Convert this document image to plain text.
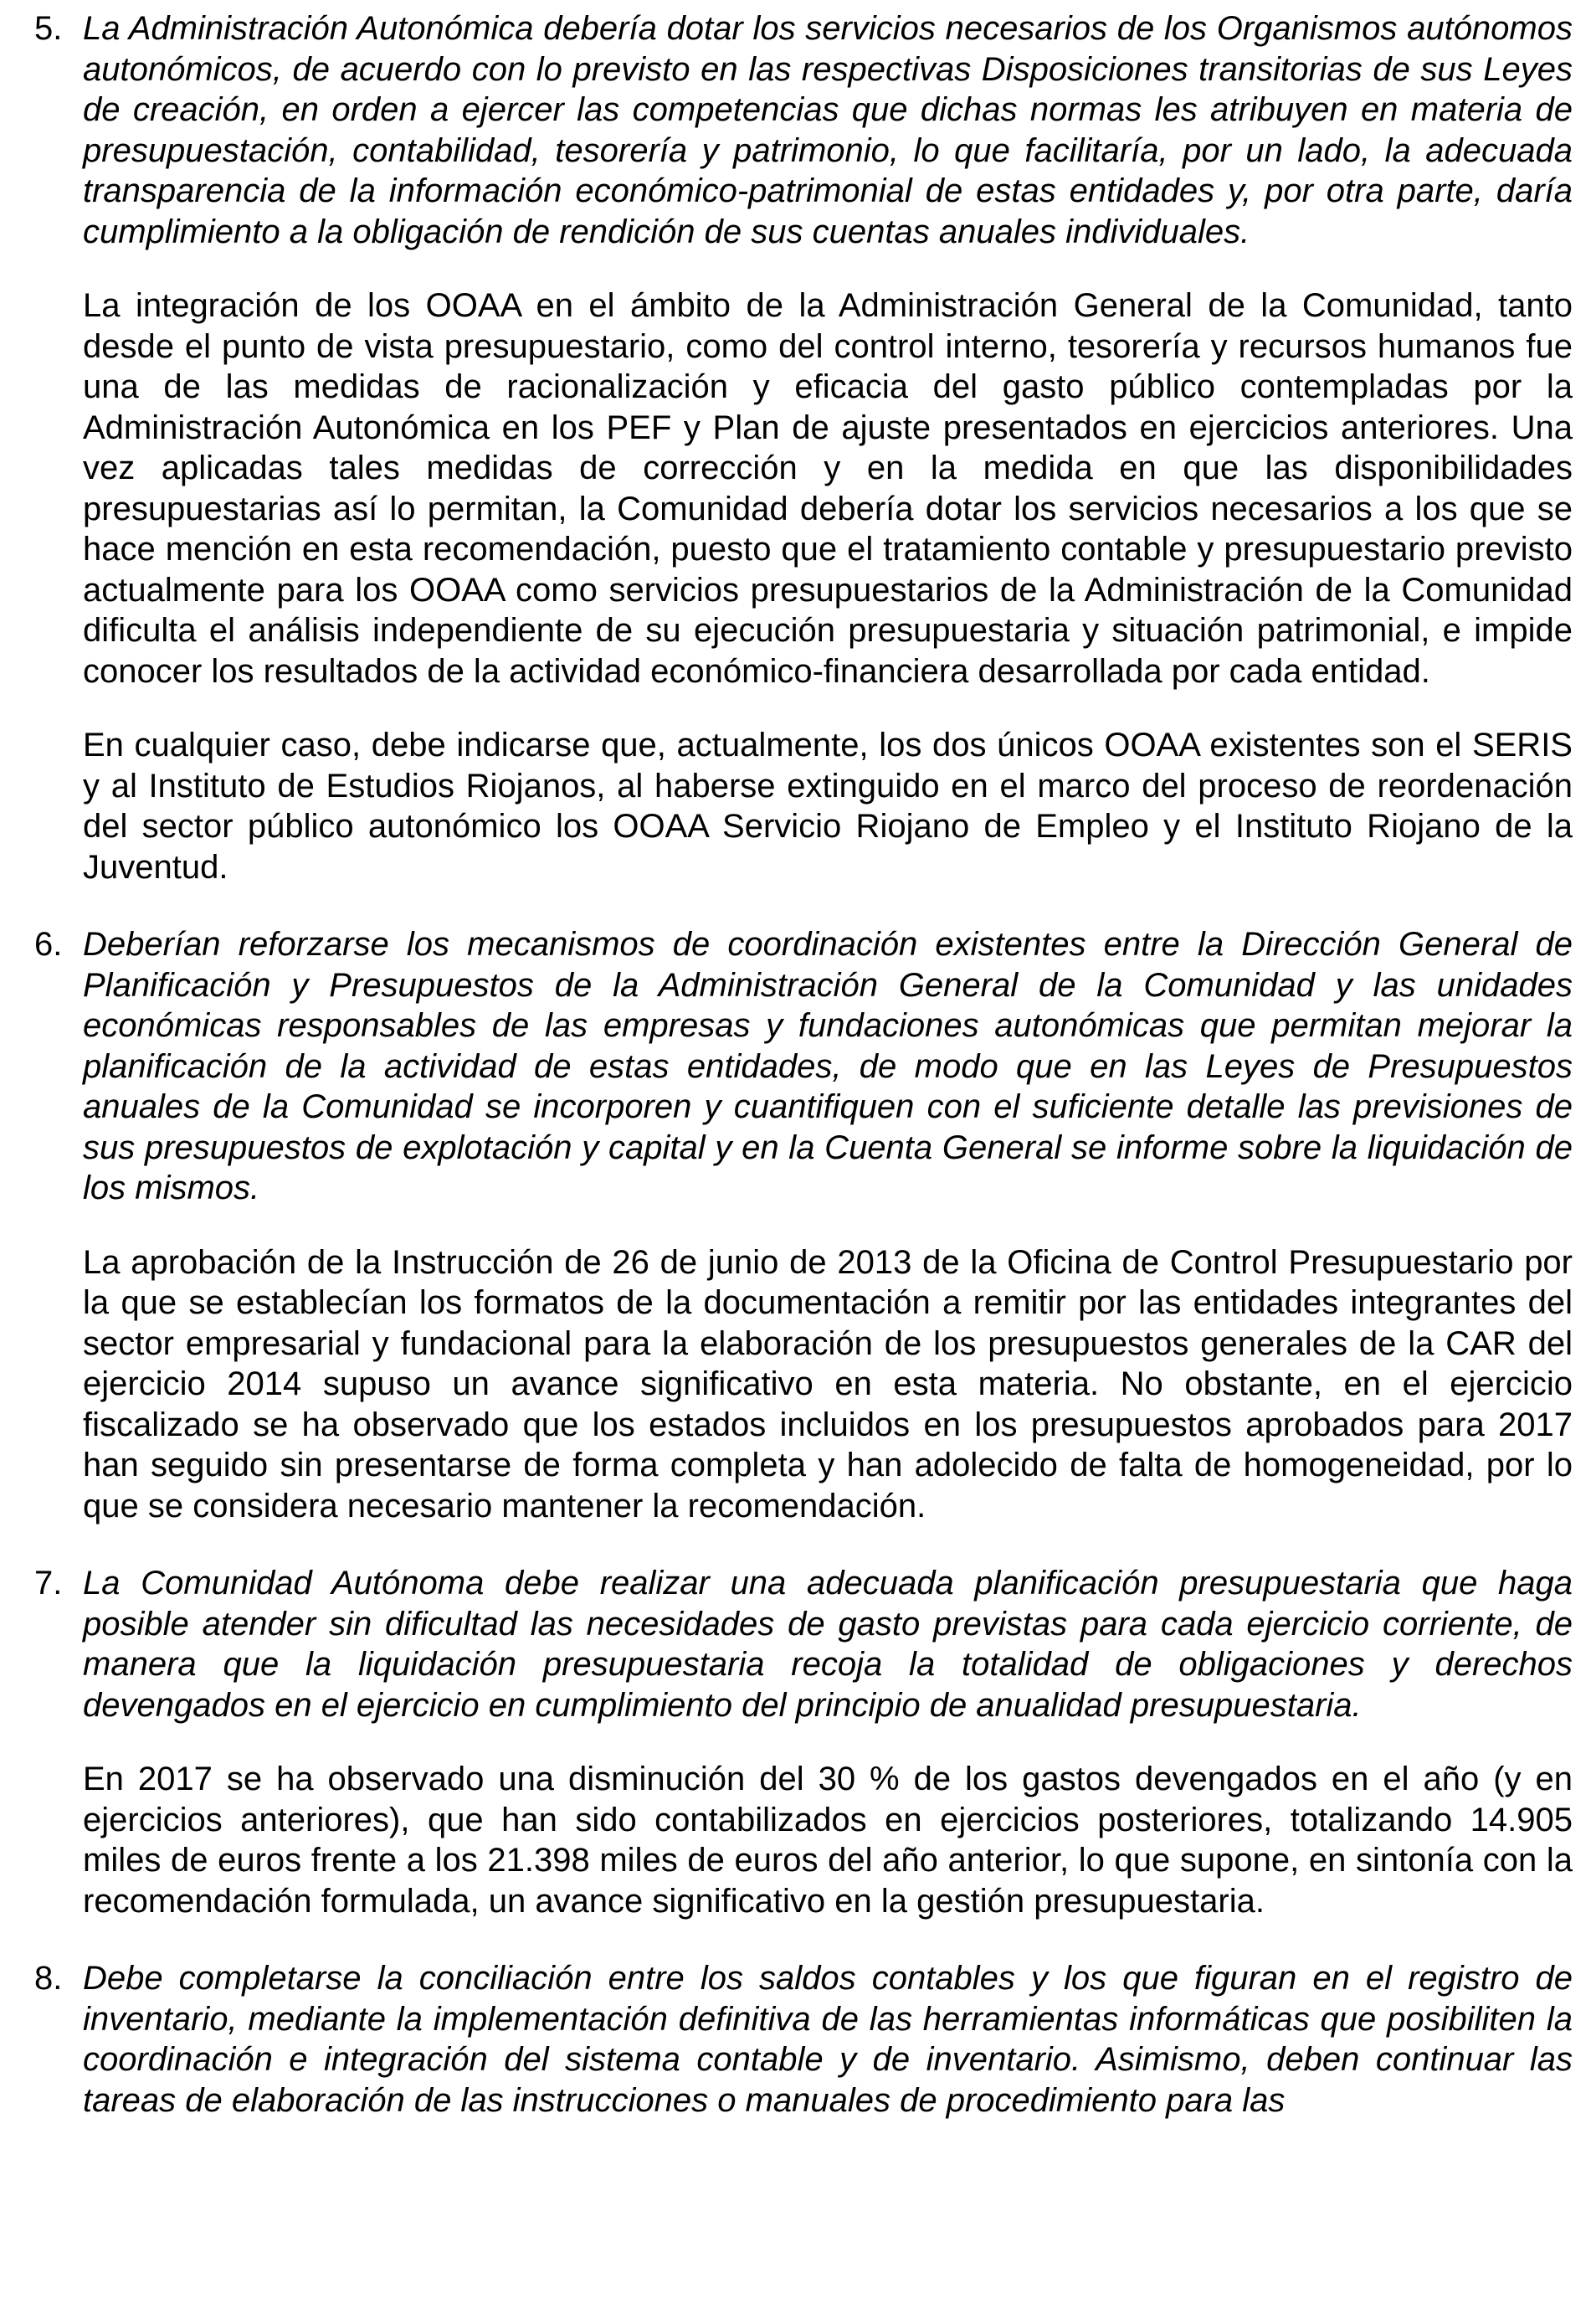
5. La Administración Autonómica debería dotar los servicios necesarios de los Organismos autónomos autonómicos, de acuerdo con lo previsto en las respectivas Disposiciones transitorias de sus Leyes de creación, en orden a ejercer las competencias que dichas normas les atribuyen en materia de presupuestación, contabilidad, tesorería y patrimonio, lo que facilitaría, por un lado, la adecuada transparencia de la información económico-patrimonial de estas entidades y, por otra parte, daría cumplimiento a la obligación de rendición de sus cuentas anuales individuales.

La integración de los OOAA en el ámbito de la Administración General de la Comunidad, tanto desde el punto de vista presupuestario, como del control interno, tesorería y recursos humanos fue una de las medidas de racionalización y eficacia del gasto público contempladas por la Administración Autonómica en los PEF y Plan de ajuste presentados en ejercicios anteriores. Una vez aplicadas tales medidas de corrección y en la medida en que las disponibilidades presupuestarias así lo permitan, la Comunidad debería dotar los servicios necesarios a los que se hace mención en esta recomendación, puesto que el tratamiento contable y presupuestario previsto actualmente para los OOAA como servicios presupuestarios de la Administración de la Comunidad dificulta el análisis independiente de su ejecución presupuestaria y situación patrimonial, e impide conocer los resultados de la actividad económico-financiera desarrollada por cada entidad.

En cualquier caso, debe indicarse que, actualmente, los dos únicos OOAA existentes son el SERIS y al Instituto de Estudios Riojanos, al haberse extinguido en el marco del proceso de reordenación del sector público autonómico los OOAA Servicio Riojano de Empleo y el Instituto Riojano de la Juventud.

6. Deberían reforzarse los mecanismos de coordinación existentes entre la Dirección General de Planificación y Presupuestos de la Administración General de la Comunidad y las unidades económicas responsables de las empresas y fundaciones autonómicas que permitan mejorar la planificación de la actividad de estas entidades, de modo que en las Leyes de Presupuestos anuales de la Comunidad se incorporen y cuantifiquen con el suficiente detalle las previsiones de sus presupuestos de explotación y capital y en la Cuenta General se informe sobre la liquidación de los mismos.

La aprobación de la Instrucción de 26 de junio de 2013 de la Oficina de Control Presupuestario por la que se establecían los formatos de la documentación a remitir por las entidades integrantes del sector empresarial y fundacional para la elaboración de los presupuestos generales de la CAR del ejercicio 2014 supuso un avance significativo en esta materia. No obstante, en el ejercicio fiscalizado se ha observado que los estados incluidos en los presupuestos aprobados para 2017 han seguido sin presentarse de forma completa y han adolecido de falta de homogeneidad, por lo que se considera necesario mantener la recomendación.

7. La Comunidad Autónoma debe realizar una adecuada planificación presupuestaria que haga posible atender sin dificultad las necesidades de gasto previstas para cada ejercicio corriente, de manera que la liquidación presupuestaria recoja la totalidad de obligaciones y derechos devengados en el ejercicio en cumplimiento del principio de anualidad presupuestaria.

En 2017 se ha observado una disminución del 30 % de los gastos devengados en el año (y en ejercicios anteriores), que han sido contabilizados en ejercicios posteriores, totalizando 14.905 miles de euros frente a los 21.398 miles de euros del año anterior, lo que supone, en sintonía con la recomendación formulada, un avance significativo en la gestión presupuestaria.

8. Debe completarse la conciliación entre los saldos contables y los que figuran en el registro de inventario, mediante la implementación definitiva de las herramientas informáticas que posibiliten la coordinación e integración del sistema contable y de inventario. Asimismo, deben continuar las tareas de elaboración de las instrucciones o manuales de procedimiento para las
